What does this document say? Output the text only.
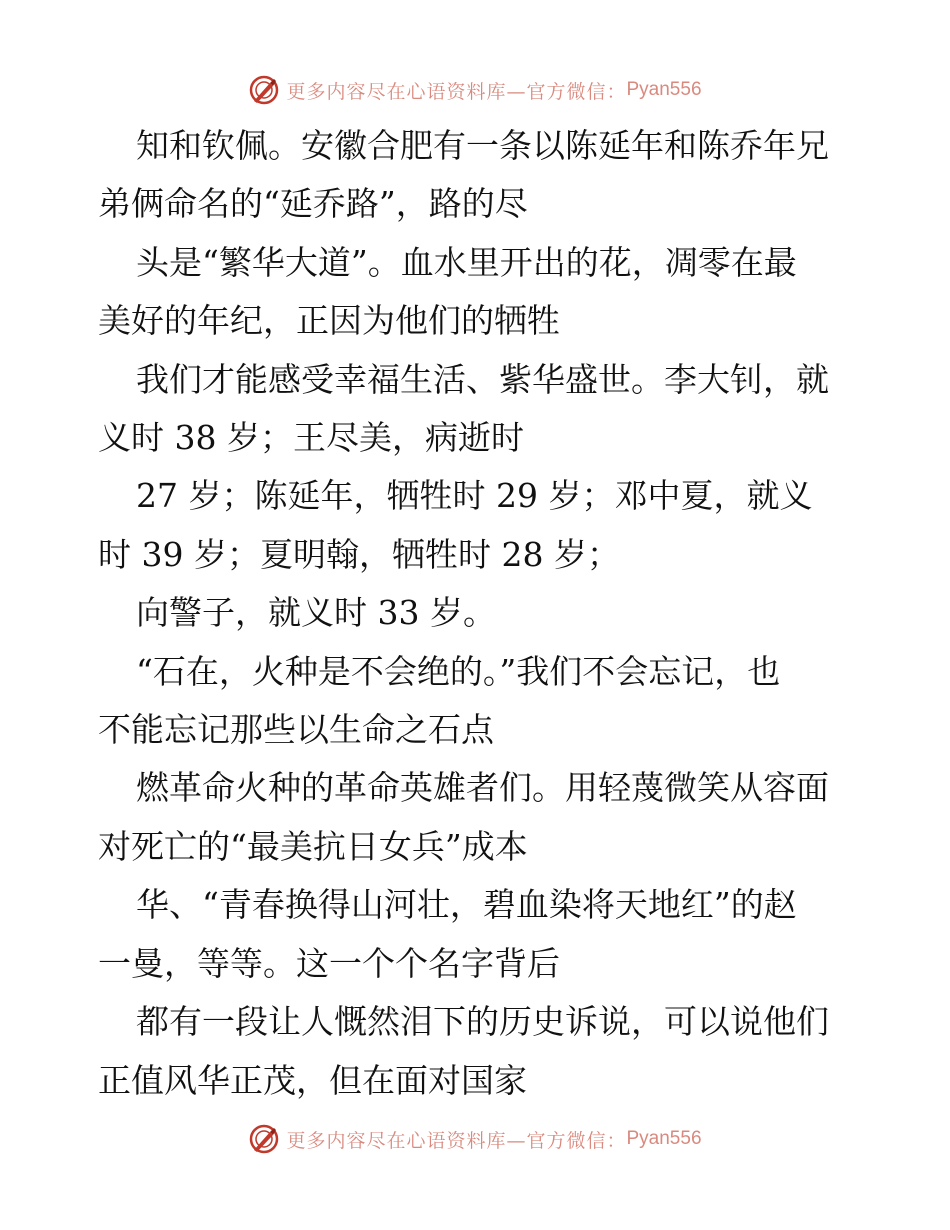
更多内容尽在心语资料库—官方微信： Pyan556

知和钦佩。安徽合肥有一条以陈延年和陈乔年兄

弟俩命名的“延乔路”，路的尽

头是“繁华大道”。血水里开出的花，凋零在最

美好的年纪，正因为他们的牺牲

我们才能感受幸福生活、紫华盛世。李大钊，就

义时 38 岁；王尽美，病逝时

27 岁；陈延年，牺牲时 29 岁；邓中夏，就义

时 39 岁；夏明翰，牺牲时 28 岁；

向警子，就义时 33 岁。

“石在，火种是不会绝的。”我们不会忘记，也

不能忘记那些以生命之石点

燃革命火种的革命英雄者们。用轻蔑微笑从容面

对死亡的“最美抗日女兵”成本

华、“青春换得山河壮，碧血染将天地红”的赵

一曼，等等。这一个个名字背后

都有一段让人慨然泪下的历史诉说，可以说他们

正值风华正茂，但在面对国家

更多内容尽在心语资料库—官方微信： Pyan556
